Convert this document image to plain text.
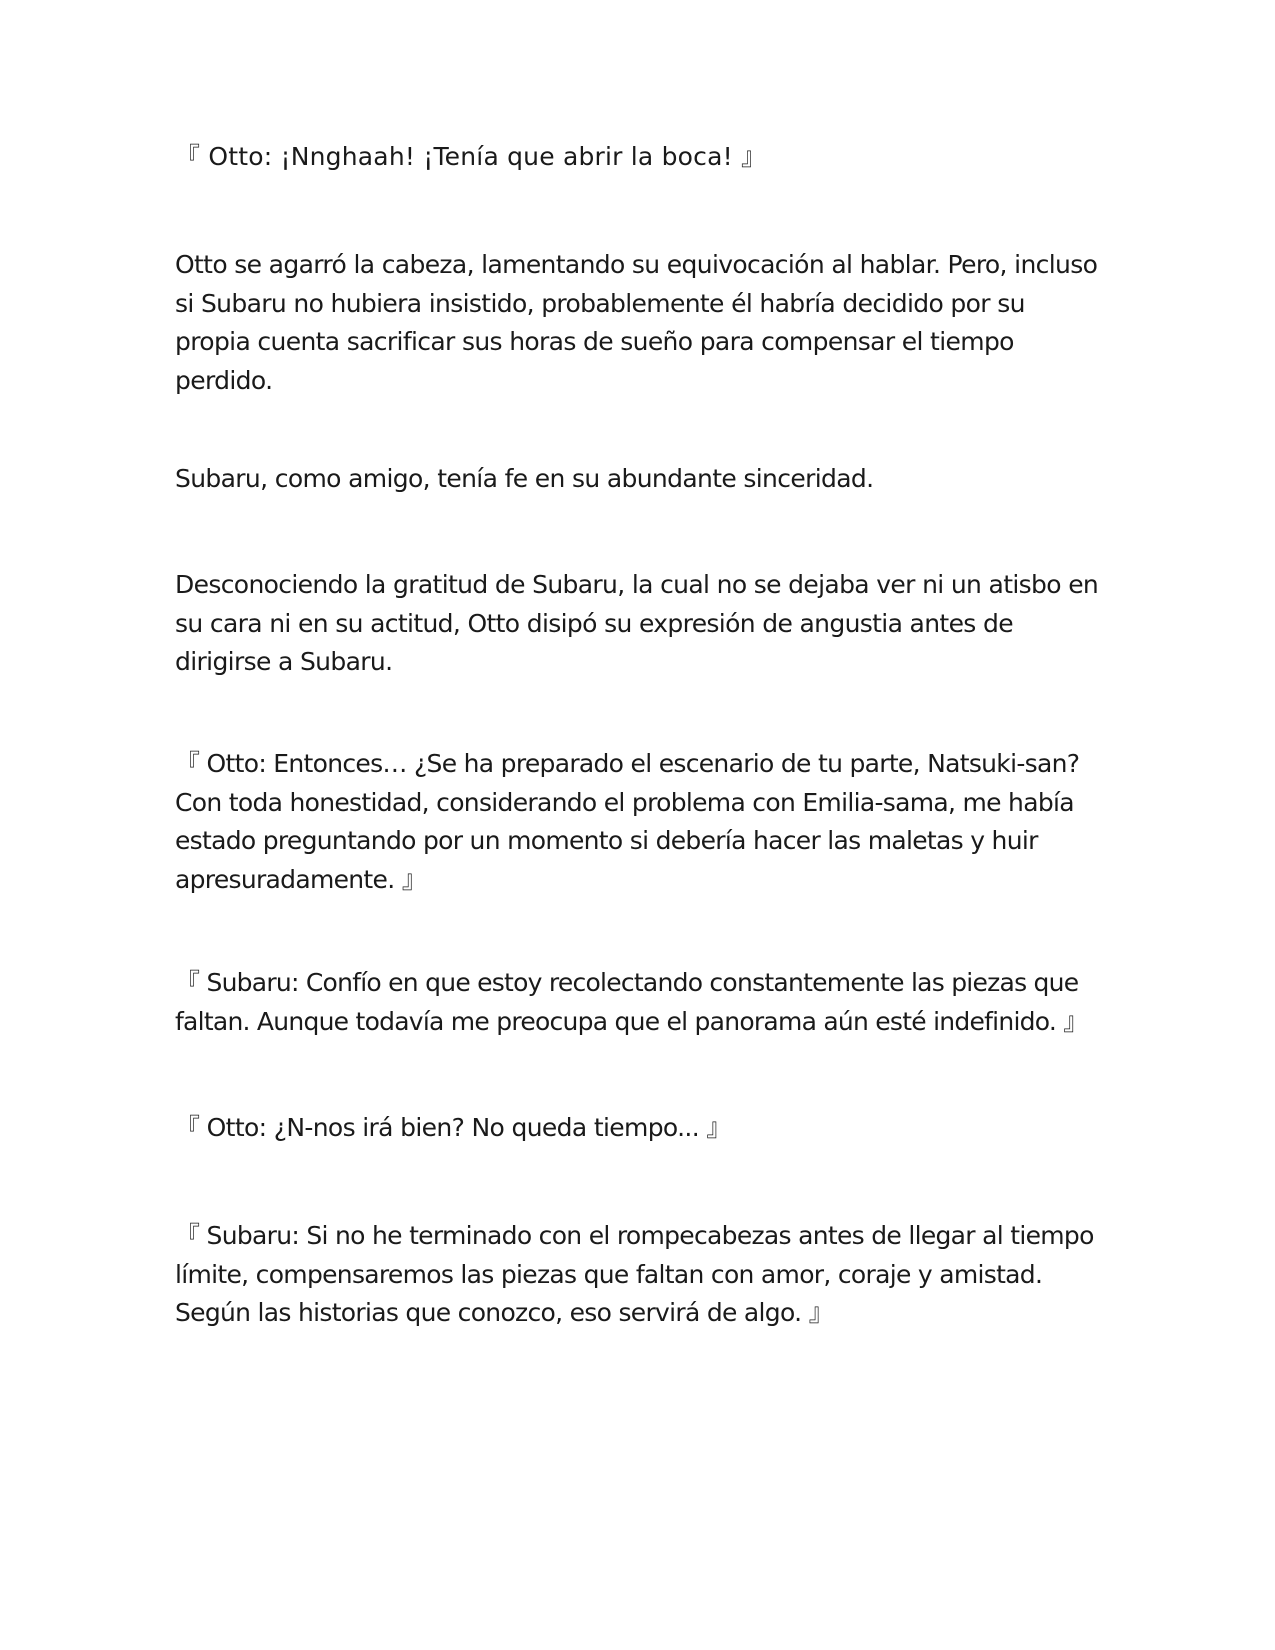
『 Otto: ¡Nnghaah! ¡Tenía que abrir la boca! 』

Otto se agarró la cabeza, lamentando su equivocación al hablar. Pero, incluso
si Subaru no hubiera insistido, probablemente él habría decidido por su
propia cuenta sacrificar sus horas de sueño para compensar el tiempo
perdido.

Subaru, como amigo, tenía fe en su abundante sinceridad.

Desconociendo la gratitud de Subaru, la cual no se dejaba ver ni un atisbo en
su cara ni en su actitud, Otto disipó su expresión de angustia antes de
dirigirse a Subaru.

『 Otto: Entonces… ¿Se ha preparado el escenario de tu parte, Natsuki-san?
Con toda honestidad, considerando el problema con Emilia-sama, me había
estado preguntando por un momento si debería hacer las maletas y huir
apresuradamente. 』

『 Subaru: Confío en que estoy recolectando constantemente las piezas que
faltan. Aunque todavía me preocupa que el panorama aún esté indefinido. 』

『 Otto: ¿N-nos irá bien? No queda tiempo... 』

『 Subaru: Si no he terminado con el rompecabezas antes de llegar al tiempo
límite, compensaremos las piezas que faltan con amor, coraje y amistad.
Según las historias que conozco, eso servirá de algo. 』
